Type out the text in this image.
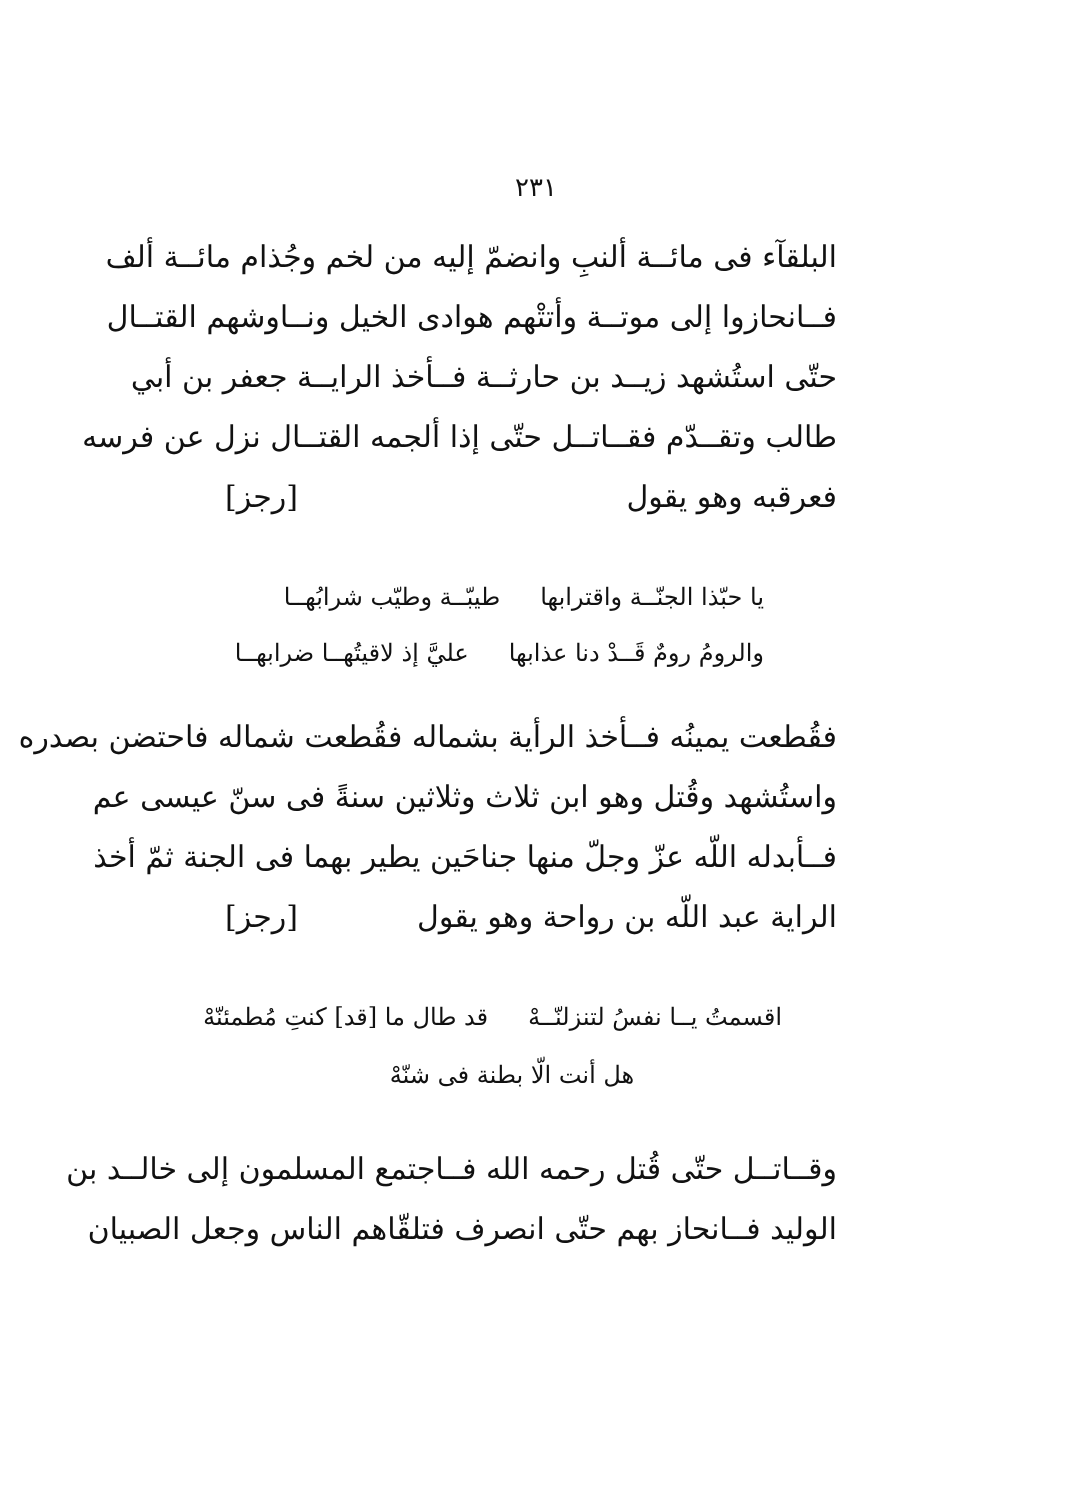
٢٣١
البلقآء فى مائــة ألنبِ وانضمّ إليه من لخم وجُذام مائــة ألف
فــانحازوا إلى موتــة وأتتْهم هوادى الخيل ونــاوشهم القتــال
حتّى استُشهد زيــد بن حارثــة فــأخذ الرايــة جعفر بن أبي
طالب وتقــدّم فقــاتــل حتّى إذا ألجمه القتــال نزل عن فرسه
فعرقبه وهو يقول
[رجز]
يا حبّذا الجنّــة واقترابهاطيبّــة وطيّب شرابُهــا
والرومُ رومٌ قَــدْ دنا عذابهاعليَّ إذ لاقيتُهــا ضرابهــا
فقُطعت يمينُه فــأخذ الرأية بشماله فقُطعت شماله فاحتضن بصدره
واستُشهد وقُتل وهو ابن ثلاث وثلاثين سنةً فى سنّ عيسى عم
فــأبدله اللّه عزّ وجلّ منها جناحَين يطير بهما فى الجنة ثمّ أخذ
الراية عبد اللّه بن رواحة وهو يقول
[رجز]
اقسمتُ يــا نفسُ لتنزلنّــهْقد طال ما [قد] كنتِ مُطمئنّهْ
هل أنت الّا بطنة فى شنّهْ
وقــاتــل حتّى قُتل رحمه الله فــاجتمع المسلمون إلى خالــد بن
الوليد فــانحاز بهم حتّى انصرف فتلقّاهم الناس وجعل الصبيان
